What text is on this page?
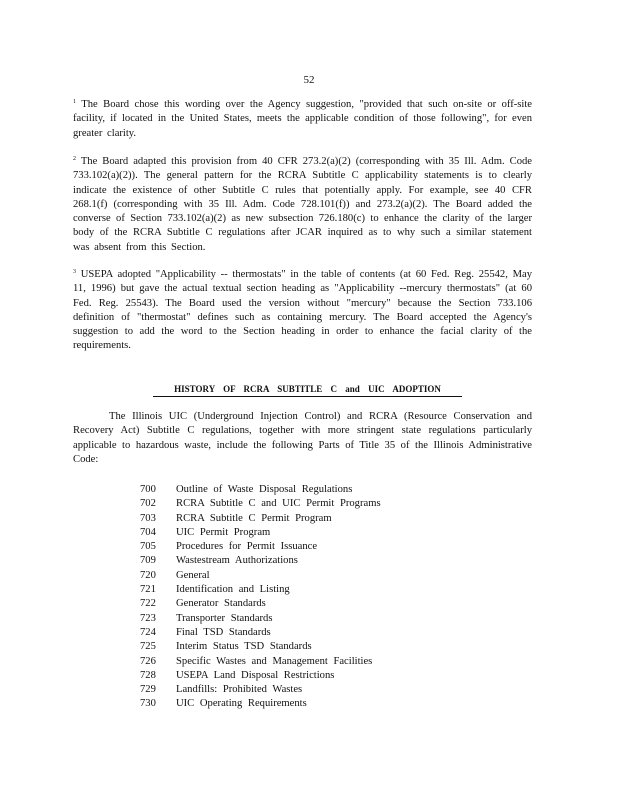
52

$^1$ The Board chose this wording over the Agency suggestion, "provided that such on-site or off-site facility, if located in the United States, meets the applicable condition of those following", for even greater clarity.

$^2$ The Board adapted this provision from 40 CFR 273.2(a)(2) (corresponding with 35 Ill. Adm. Code 733.102(a)(2)). The general pattern for the RCRA Subtitle C applicability statements is to clearly indicate the existence of other Subtitle C rules that potentially apply. For example, see 40 CFR 268.1(f) (corresponding with 35 Ill. Adm. Code 728.101(f)) and 273.2(a)(2). The Board added the converse of Section 733.102(a)(2) as new subsection 726.180(c) to enhance the clarity of the larger body of the RCRA Subtitle C regulations after JCAR inquired as to why such a similar statement was absent from this Section.

$^3$ USEPA adopted "Applicability -- thermostats" in the table of contents (at 60 Fed. Reg. 25542, May 11, 1996) but gave the actual textual section heading as "Applicability --mercury thermostats" (at 60 Fed. Reg. 25543). The Board used the version without "mercury" because the Section 733.106 definition of "thermostat" defines such as containing mercury. The Board accepted the Agency's suggestion to add the word to the Section heading in order to enhance the facial clarity of the requirements.

HISTORY OF RCRA SUBTITLE C and UIC ADOPTION

The Illinois UIC (Underground Injection Control) and RCRA (Resource Conservation and Recovery Act) Subtitle C regulations, together with more stringent state regulations particularly applicable to hazardous waste, include the following Parts of Title 35 of the Illinois Administrative Code:

700	Outline of Waste Disposal Regulations
702	RCRA Subtitle C and UIC Permit Programs
703	RCRA Subtitle C Permit Program
704	UIC Permit Program
705	Procedures for Permit Issuance
709	Wastestream Authorizations
720	General
721	Identification and Listing
722	Generator Standards
723	Transporter Standards
724	Final TSD Standards
725	Interim Status TSD Standards
726	Specific Wastes and Management Facilities
728	USEPA Land Disposal Restrictions
729	Landfills: Prohibited Wastes
730	UIC Operating Requirements
